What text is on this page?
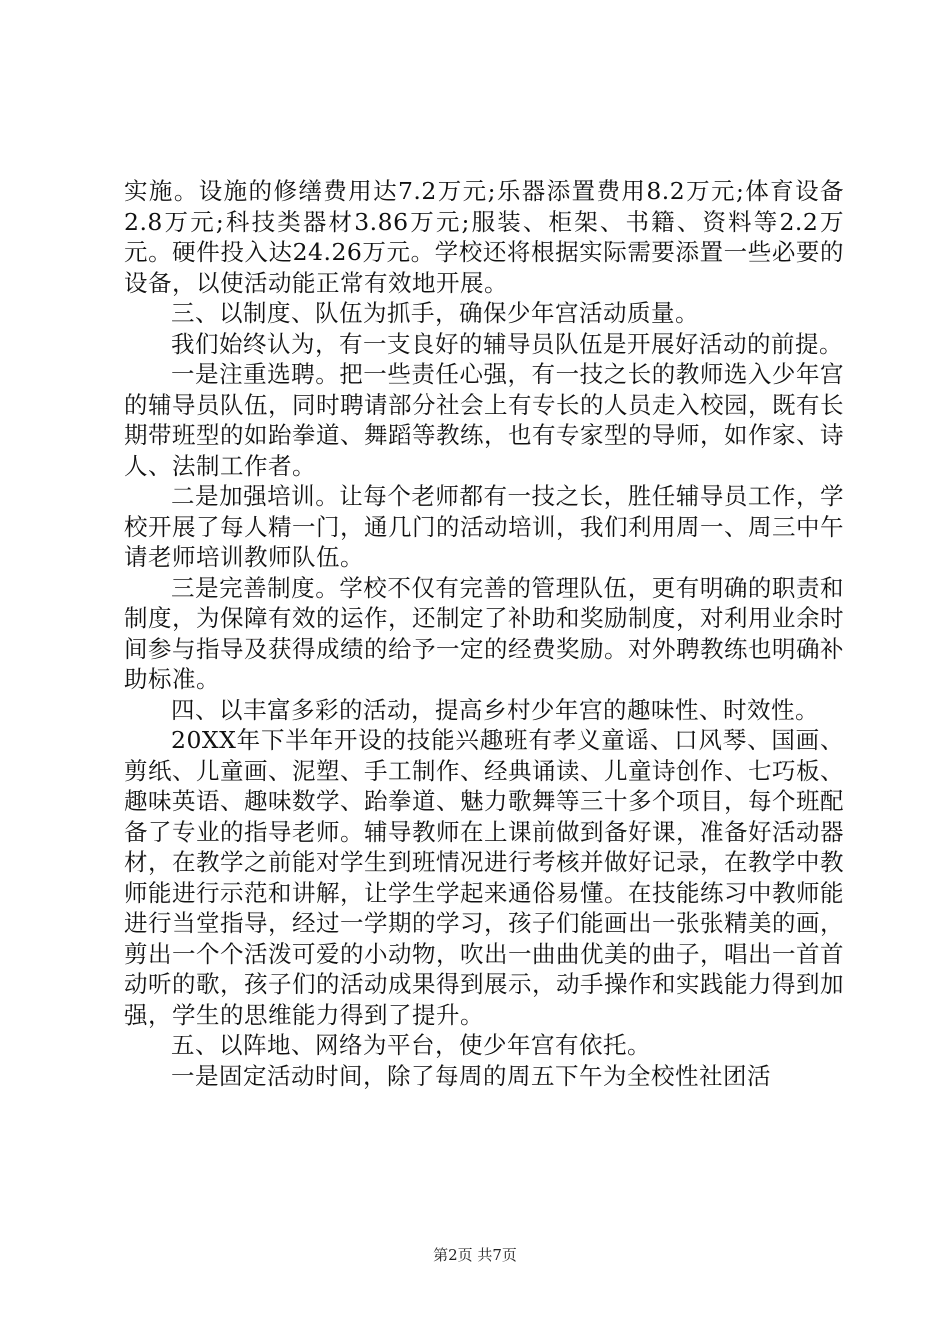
实施。设施的修缮费用达7.2万元;乐器添置费用8.2万元;体育设备2.8万元;科技类器材3.86万元;服装、柜架、书籍、资料等2.2万元。硬件投入达24.26万元。学校还将根据实际需要添置一些必要的设备，以使活动能正常有效地开展。

三、以制度、队伍为抓手，确保少年宫活动质量。

我们始终认为，有一支良好的辅导员队伍是开展好活动的前提。

一是注重选聘。把一些责任心强，有一技之长的教师选入少年宫的辅导员队伍，同时聘请部分社会上有专长的人员走入校园，既有长期带班型的如跆拳道、舞蹈等教练，也有专家型的导师，如作家、诗人、法制工作者。

二是加强培训。让每个老师都有一技之长，胜任辅导员工作，学校开展了每人精一门，通几门的活动培训，我们利用周一、周三中午请老师培训教师队伍。

三是完善制度。学校不仅有完善的管理队伍，更有明确的职责和制度，为保障有效的运作，还制定了补助和奖励制度，对利用业余时间参与指导及获得成绩的给予一定的经费奖励。对外聘教练也明确补助标准。

四、以丰富多彩的活动，提高乡村少年宫的趣味性、时效性。

20XX年下半年开设的技能兴趣班有孝义童谣、口风琴、国画、剪纸、儿童画、泥塑、手工制作、经典诵读、儿童诗创作、七巧板、趣味英语、趣味数学、跆拳道、魅力歌舞等三十多个项目，每个班配备了专业的指导老师。辅导教师在上课前做到备好课，准备好活动器材，在教学之前能对学生到班情况进行考核并做好记录，在教学中教师能进行示范和讲解，让学生学起来通俗易懂。在技能练习中教师能进行当堂指导，经过一学期的学习，孩子们能画出一张张精美的画，剪出一个个活泼可爱的小动物，吹出一曲曲优美的曲子，唱出一首首动听的歌，孩子们的活动成果得到展示，动手操作和实践能力得到加强，学生的思维能力得到了提升。

五、以阵地、网络为平台，使少年宫有依托。

一是固定活动时间，除了每周的周五下午为全校性社团活

第2页 共7页
